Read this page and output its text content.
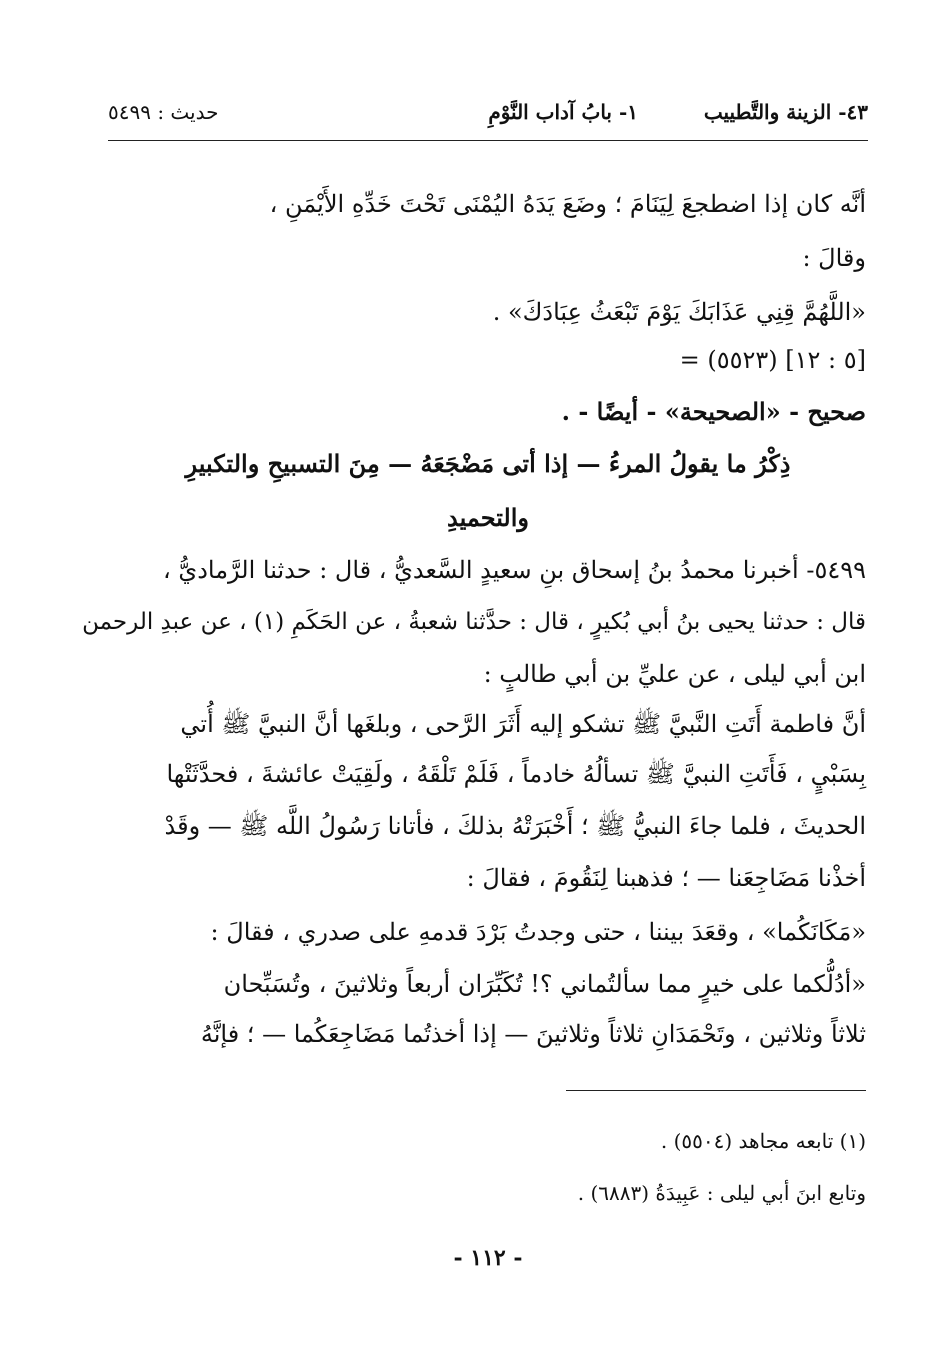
٤٣- الزينة والتَّطييب
١- بابُ آداب النَّوْمِ
حديث : ٥٤٩٩
أنَّه كان إذا اضطجعَ لِيَنَامَ ؛ وضَعَ يَدَهُ اليُمْنَى تَحْتَ خَدِّهِ الأَيْمَنِ ،
وقالَ :
«اللَّهُمَّ قِنِي عَذَابَكَ يَوْمَ تَبْعَثُ عِبَادَكَ» .
= (٥٥٢٣) [٥ : ١٢]
صحيح - «الصحيحة» - أيضًا - .
ذِكْرُ ما يقولُ المرءُ — إذا أتى مَضْجَعَهُ — مِنَ التسبيحِ والتكبيرِ
والتحميدِ
٥٤٩٩- أخبرنا محمدُ بنُ إسحاق بنِ سعيدٍ السَّعديُّ ، قال : حدثنا الرَّماديُّ ،
قال : حدثنا يحيى بنُ أبي بُكيرٍ ، قال : حدَّثنا شعبةُ ، عن الحَكَمِ (١) ، عن عبدِ الرحمن
ابن أبي ليلى ، عن عليِّ بن أبي طالبٍ :
أنَّ فاطمة أَتَتِ النَّبيَّ ﷺ تشكو إليه أَثَرَ الرَّحى ، وبلغَها أنَّ النبيَّ ﷺ أُتي
بِسَبْيٍ ، فَأَتَتِ النبيَّ ﷺ تسألُهُ خادماً ، فَلَمْ تَلْقَهُ ، ولَقِيَتْ عائشةَ ، فحدَّثَتْها
الحديثَ ، فلما جاءَ النبيُّ ﷺ ؛ أَخْبَرَتْهُ بذلكَ ، فأتانا رَسُولُ اللَّه ﷺ — وقَدْ
أخذْنا مَضَاجِعَنا — ؛ فذهبنا لِنَقُومَ ، فقالَ :
«مَكَانَكُما» ، وقعَدَ بيننا ، حتى وجدتُ بَرْدَ قدمهِ على صدري ، فقالَ :
«أدُلُّكما على خيرٍ مما سألتُماني ؟! تُكَبِّرَان أربعاً وثلاثينَ ، وتُسَبِّحان
ثلاثاً وثلاثين ، وتَحْمَدَانِ ثلاثاً وثلاثينَ — إذا أخذتُما مَضَاجِعَكُما — ؛ فإنَّهُ
(١) تابعه مجاهد (٥٥٠٤) .
وتابع ابنَ أبي ليلى : عَبِيدَةُ (٦٨٨٣) .
- ١١٢ -
